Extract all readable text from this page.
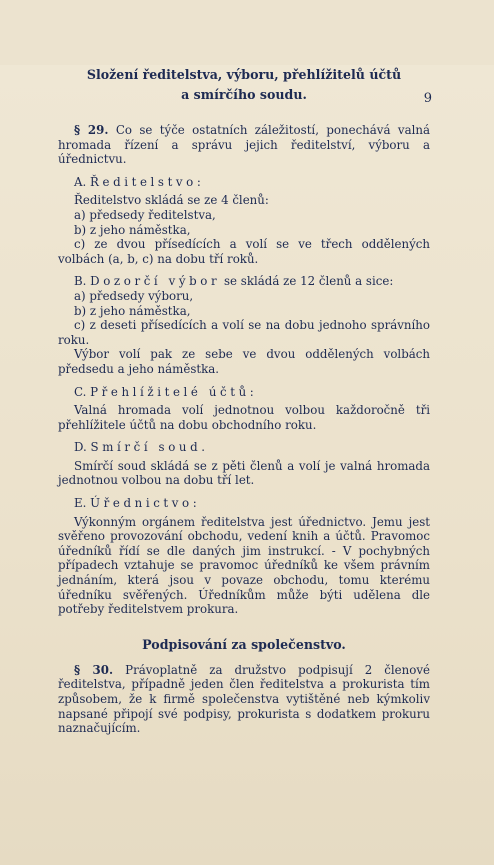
9
Složení ředitelstva, výboru, přehlížitelů účtů
a smírčího soudu.

§ 29. Co se týče ostatních záležitostí, ponechává valná hromada řízení a správu jejich ředitelství, výboru a úřednictvu.

A. Ředitelstvo:

Ředitelstvo skládá se ze 4 členů:

a) předsedy ředitelstva,

b) z jeho náměstka,

c) ze dvou přísedících a volí se ve třech oddělených volbách (a, b, c) na dobu tří roků.

B. Dozorčí výbor se skládá ze 12 členů a sice:

a) předsedy výboru,

b) z jeho náměstka,

c) z deseti přísedících a volí se na dobu jednoho správního roku.

Výbor volí pak ze sebe ve dvou oddělených volbách předsedu a jeho náměstka.

C. Přehlížitelé účtů:

Valná hromada volí jednotnou volbou každoročně tři přehlížitele účtů na dobu obchodního roku.

D. Smírčí soud.

Smírčí soud skládá se z pěti členů a volí je valná hromada jednotnou volbou na dobu tří let.

E. Úřednictvo:

Výkonným orgánem ředitelstva jest úřednictvo. Jemu jest svěřeno provozování obchodu, vedení knih a účtů. Pravomoc úředníků řídí se dle daných jim instrukcí. - V pochybných případech vztahuje se pravomoc úředníků ke všem právním jednáním, která jsou v povaze obchodu, tomu kterému úředníku svěřených. Úředníkům může býti udělena dle potřeby ředitelstvem prokura.

Podpisování za společenstvo.

§ 30. Právoplatně za družstvo podpisují 2 členové ředitelstva, případně jeden člen ředitelstva a prokurista tím způsobem, že k firmě společenstva vytištěné neb kýmkoliv napsané připojí své podpisy, prokurista s dodatkem prokuru naznačujícím.
